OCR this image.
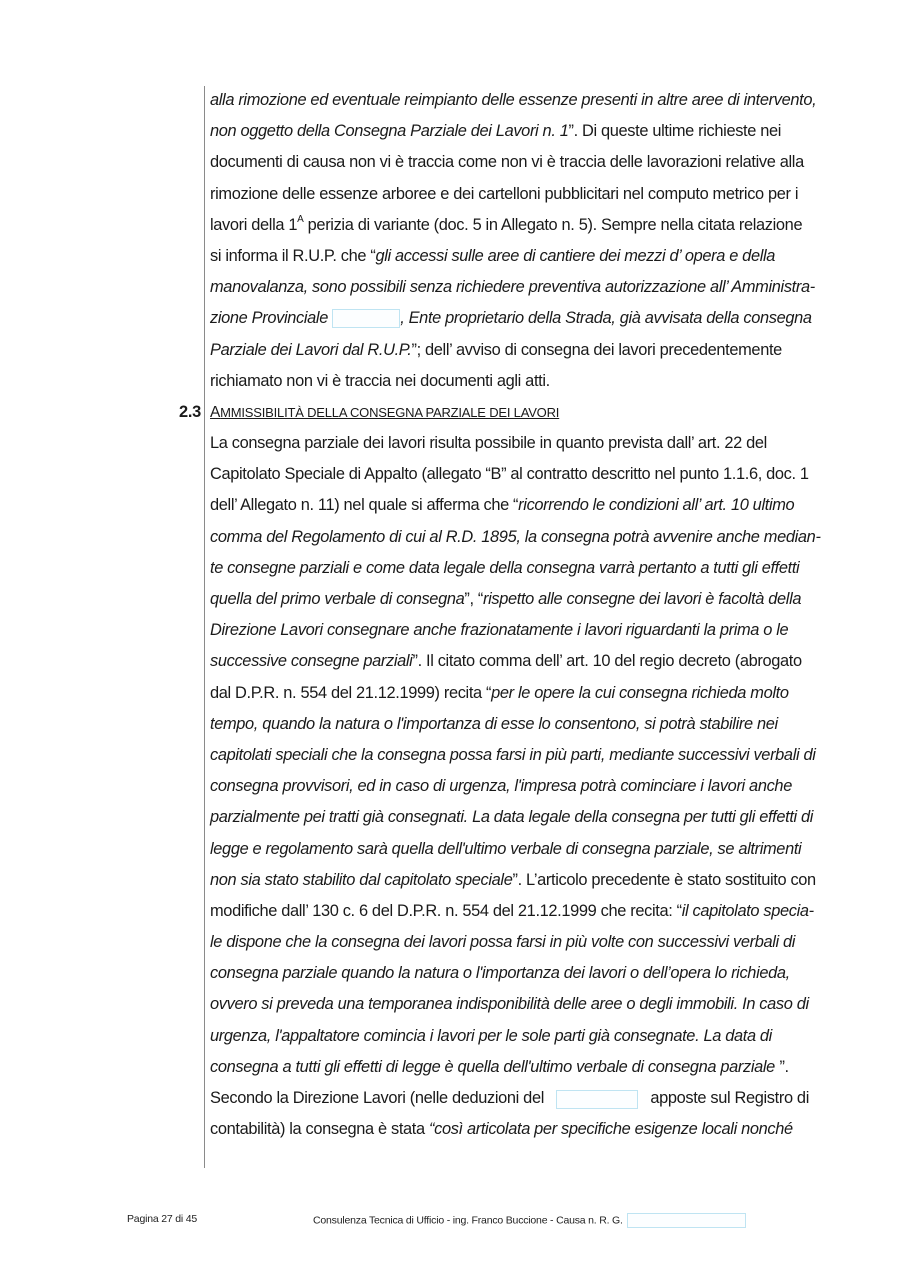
alla rimozione ed eventuale reimpianto delle essenze presenti in altre aree di intervento,
non oggetto della Consegna Parziale dei Lavori n. 1”. Di queste ultime richieste nei
documenti di causa non vi è traccia come non vi è traccia delle lavorazioni relative alla
rimozione delle essenze arboree e dei cartelloni pubblicitari nel computo metrico per i
lavori della $1^A$ perizia di variante (doc. 5 in Allegato n. 5). Sempre nella citata relazione
si informa il R.U.P. che “gli accessi sulle aree di cantiere dei mezzi d’ opera e della
manovalanza, sono possibili senza richiedere preventiva autorizzazione all’ Amministra-
zione Provinciale	, Ente proprietario della Strada, già avvisata della consegna
Parziale dei Lavori dal R.U.P.”; dell’ avviso di consegna dei lavori precedentemente
richiamato non vi è traccia nei documenti agli atti.
2.3 AMMISSIBILITÀ DELLA CONSEGNA PARZIALE DEI LAVORI
La consegna parziale dei lavori risulta possibile in quanto prevista dall’ art. 22 del
Capitolato Speciale di Appalto (allegato “B” al contratto descritto nel punto 1.1.6, doc. 1
dell’ Allegato n. 11) nel quale si afferma che “ricorrendo le condizioni all’ art. 10 ultimo
comma del Regolamento di cui al R.D. 1895, la consegna potrà avvenire anche median-
te consegne parziali e come data legale della consegna varrà pertanto a tutti gli effetti
quella del primo verbale di consegna”, “rispetto alle consegne dei lavori è facoltà della
Direzione Lavori consegnare anche frazionatamente i lavori riguardanti la prima o le
successive consegne parziali”. Il citato comma dell’ art. 10 del regio decreto (abrogato
dal D.P.R. n. 554 del 21.12.1999) recita “per le opere la cui consegna richieda molto
tempo, quando la natura o l'importanza di esse lo consentono, si potrà stabilire nei
capitolati speciali che la consegna possa farsi in più parti, mediante successivi verbali di
consegna provvisori, ed in caso di urgenza, l'impresa potrà cominciare i lavori anche
parzialmente pei tratti già consegnati. La data legale della consegna per tutti gli effetti di
legge e regolamento sarà quella dell'ultimo verbale di consegna parziale, se altrimenti
non sia stato stabilito dal capitolato speciale”. L’articolo precedente è stato sostituito con
modifiche dall’ 130 c. 6 del D.P.R. n. 554 del 21.12.1999 che recita: “il capitolato specia-
le dispone che la consegna dei lavori possa farsi in più volte con successivi verbali di
consegna parziale quando la natura o l'importanza dei lavori o dell’opera lo richieda,
ovvero si preveda una temporanea indisponibilità delle aree o degli immobili. In caso di
urgenza, l'appaltatore comincia i lavori per le sole parti già consegnate. La data di
consegna a tutti gli effetti di legge è quella dell'ultimo verbale di consegna parziale ”.
Secondo la Direzione Lavori (nelle deduzioni del	apposte sul Registro di
contabilità) la consegna è stata “così articolata per specifiche esigenze locali nonché
Pagina 27 di 45	Consulenza Tecnica di Ufficio - ing. Franco Buccione - Causa n. R. G.
